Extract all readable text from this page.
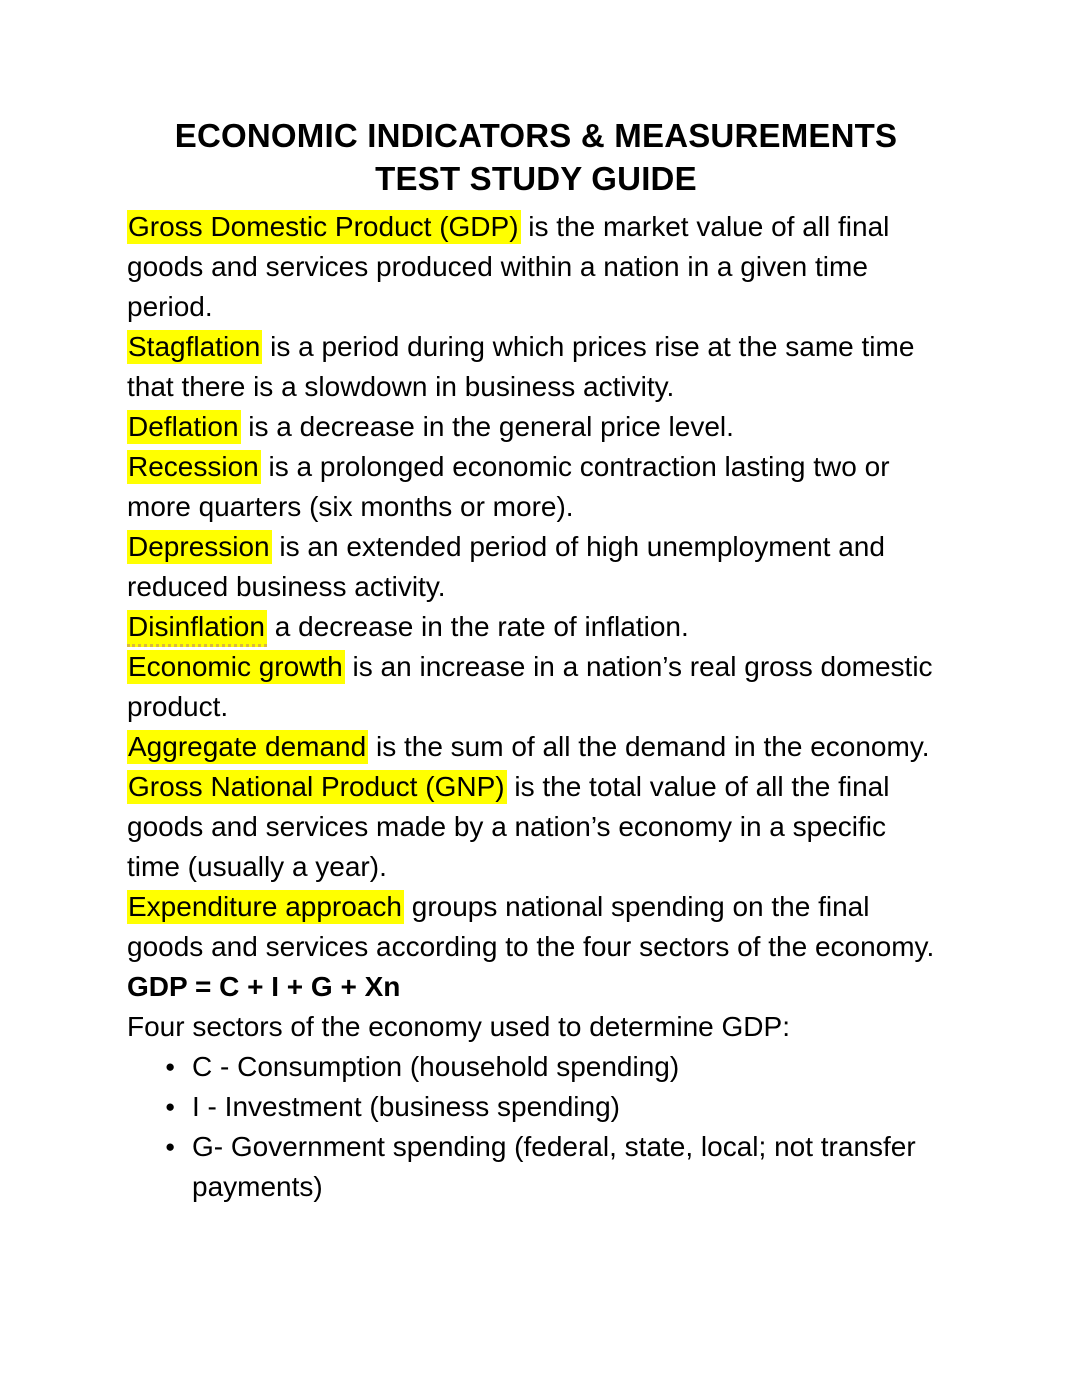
ECONOMIC INDICATORS & MEASUREMENTS
TEST STUDY GUIDE

Gross Domestic Product (GDP) is the market value of all final goods and services produced within a nation in a given time period.

Stagflation is a period during which prices rise at the same time that there is a slowdown in business activity.

Deflation is a decrease in the general price level.

Recession is a prolonged economic contraction lasting two or more quarters (six months or more).

Depression is an extended period of high unemployment and reduced business activity.

Disinflation a decrease in the rate of inflation.

Economic growth is an increase in a nation’s real gross domestic product.

Aggregate demand is the sum of all the demand in the economy.

Gross National Product (GNP) is the total value of all the final goods and services made by a nation’s economy in a specific time (usually a year).

Expenditure approach groups national spending on the final goods and services according to the four sectors of the economy. GDP = C + I + G + Xn

Four sectors of the economy used to determine GDP:

● C - Consumption (household spending)
● I - Investment (business spending)
● G- Government spending (federal, state, local; not transfer payments)
